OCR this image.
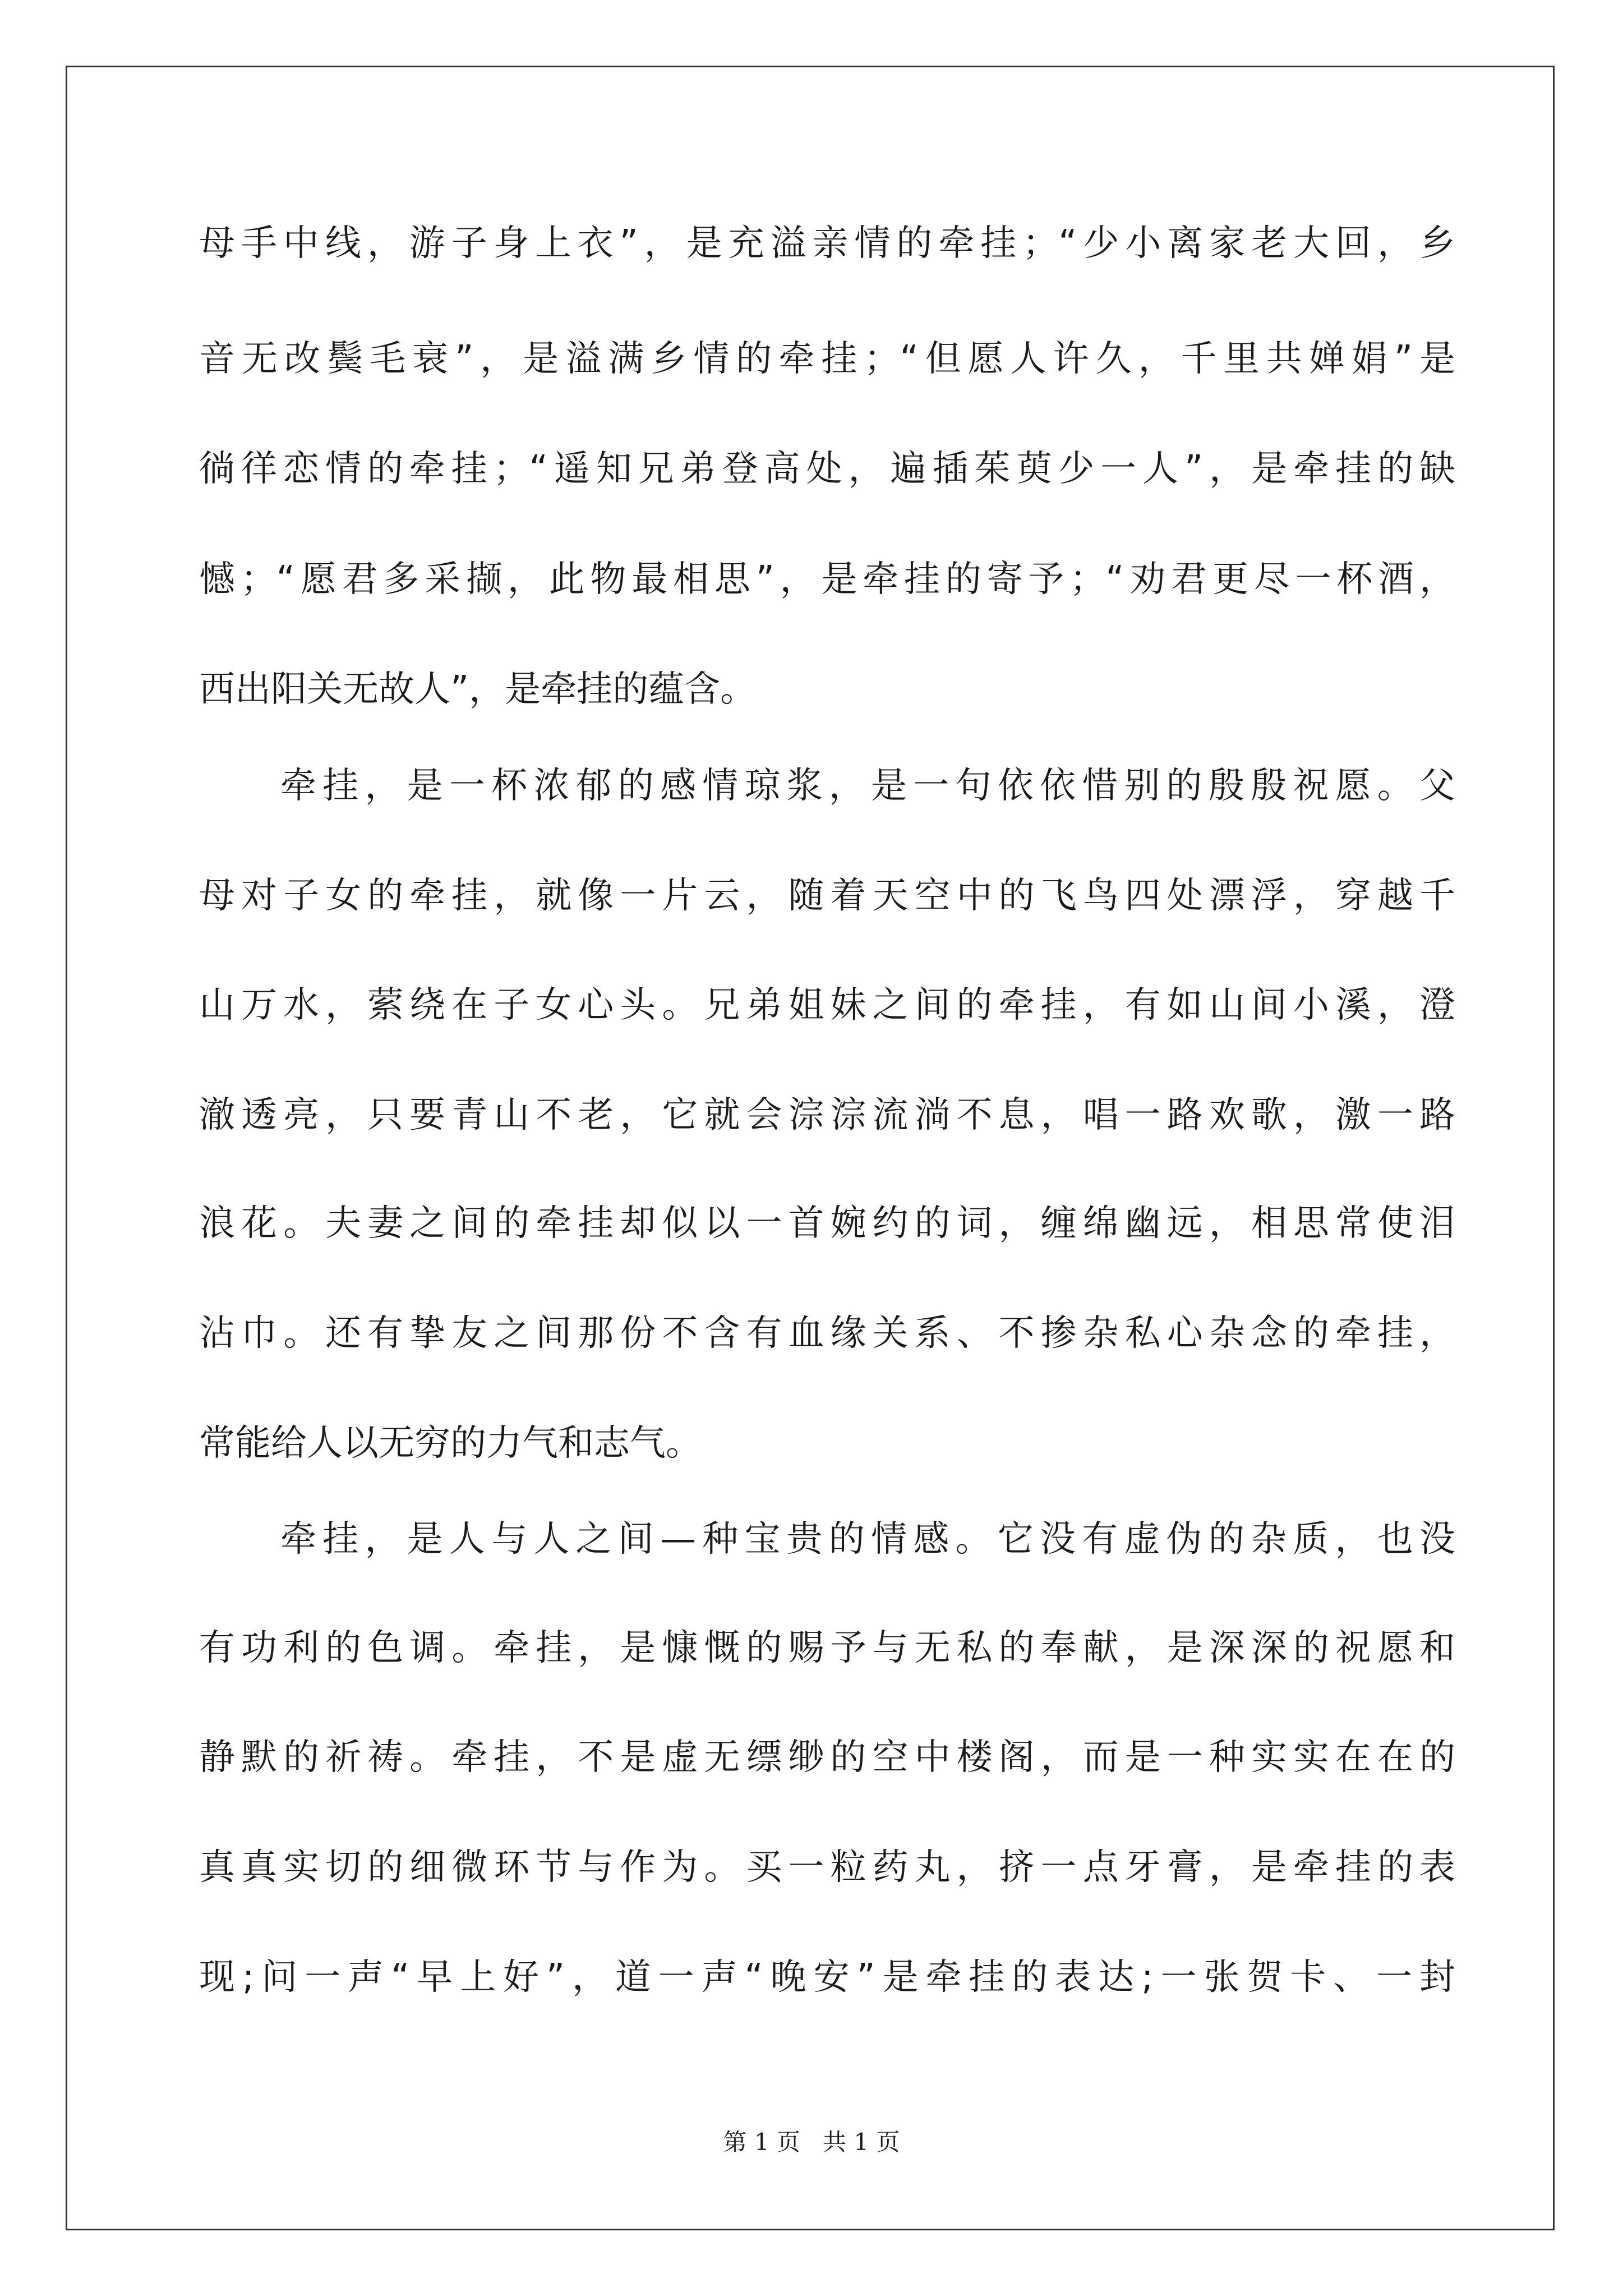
母手中线，游子身上衣”，是充溢亲情的牵挂；“少小离家老大回，乡
音无改鬓毛衰”，是溢满乡情的牵挂；“但愿人许久，千里共婵娟”是
徜徉恋情的牵挂；“遥知兄弟登高处，遍插茱萸少一人”，是牵挂的缺
憾；“愿君多采撷，此物最相思”，是牵挂的寄予；“劝君更尽一杯酒，
西出阳关无故人”，是牵挂的蕴含。
牵挂，是一杯浓郁的感情琼浆，是一句依依惜别的殷殷祝愿。父
母对子女的牵挂，就像一片云，随着天空中的飞鸟四处漂浮，穿越千
山万水，萦绕在子女心头。兄弟姐妹之间的牵挂，有如山间小溪，澄
澈透亮，只要青山不老，它就会淙淙流淌不息，唱一路欢歌，激一路
浪花。夫妻之间的牵挂却似以一首婉约的词，缠绵幽远，相思常使泪
沾巾。还有挚友之间那份不含有血缘关系、不掺杂私心杂念的牵挂，
常能给人以无穷的力气和志气。
牵挂，是人与人之间—种宝贵的情感。它没有虚伪的杂质，也没
有功利的色调。牵挂，是慷慨的赐予与无私的奉献，是深深的祝愿和
静默的祈祷。牵挂，不是虚无缥缈的空中楼阁，而是一种实实在在的
真真实切的细微环节与作为。买一粒药丸，挤一点牙膏，是牵挂的表
现;问一声“早上好”，道一声“晚安”是牵挂的表达;一张贺卡、一封
第 1 页 共 1 页
